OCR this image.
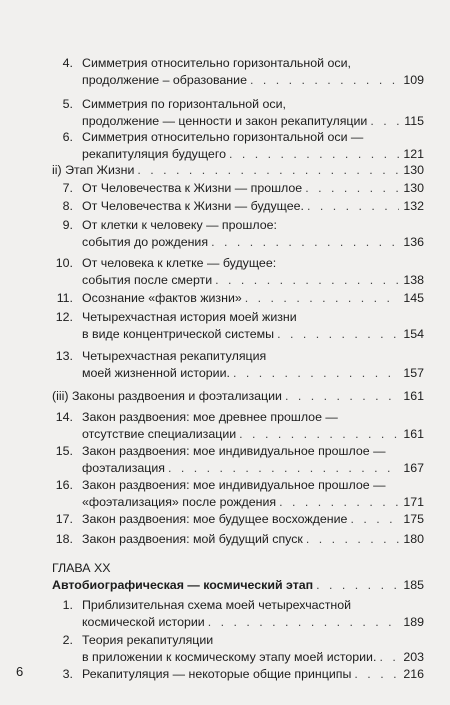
4. Симметрия относительно горизонтальной оси,
продолжение – образование . . .	109
5. Симметрия по горизонтальной оси,
продолжение — ценности и закон рекапитуляции . . .	115
6. Симметрия относительно горизонтальной оси —
рекапитуляция будущего . . .	121
ii) Этап Жизни . . .	130
7. От Человечества к Жизни — прошлое . . .	130
8. От Человечества к Жизни — будущее. . . .	132
9. От клетки к человеку — прошлое:
события до рождения . . .	136
10. От человека к клетке — будущее:
события после смерти . . .	138
11. Осознание «фактов жизни» . . .	145
12. Четырехчастная история моей жизни
в виде концентрической системы . . .	154
13. Четырехчастная рекапитуляция
моей жизненной истории. . . .	157
(iii) Законы раздвоения и фоэтализации . . .	161
14. Закон раздвоения: мое древнее прошлое —
отсутствие специализации . . .	161
15. Закон раздвоения: мое индивидуальное прошлое —
фоэтализация . . .	167
16. Закон раздвоения: мое индивидуальное прошлое —
«фоэтализация» после рождения . . .	171
17. Закон раздвоения: мое будущее восхождение . . .	175
18. Закон раздвоения: мой будущий спуск . . .	180
ГЛАВА XX
Автобиографическая — космический этап . . .	185
1. Приблизительная схема моей четырехчастной
космической истории . . .	189
2. Теория рекапитуляции
в приложении к космическому этапу моей истории. . . . 203
3. Рекапитуляция — некоторые общие принципы . . .	216
6
